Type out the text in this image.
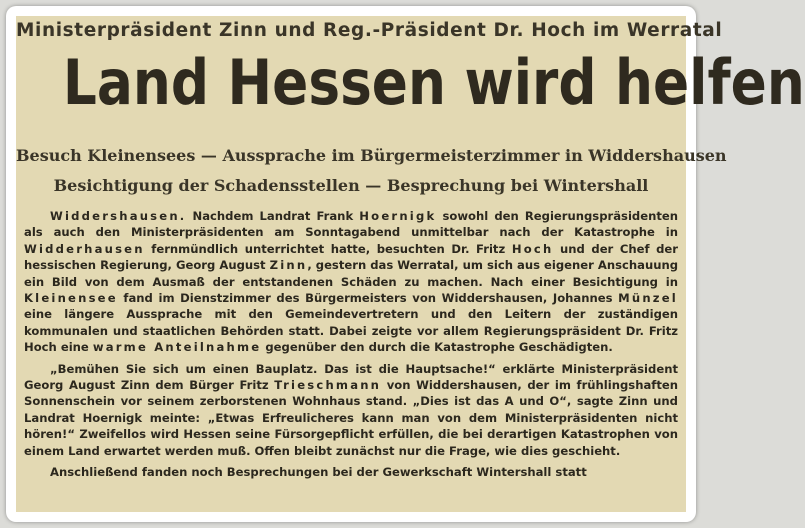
Ministerpräsident Zinn und Reg.-Präsident Dr. Hoch im Werratal
Land Hessen wird helfen
Besuch Kleinensees — Aussprache im Bürgermeisterzimmer in Widdershausen
Besichtigung der Schadensstellen — Besprechung bei Wintershall

Widdershausen. Nachdem Landrat Frank Hoernigk sowohl den Regierungspräsidenten als auch den Ministerpräsidenten am Sonntagabend unmittelbar nach der Katastrophe in Widderhausen fernmündlich unterrichtet hatte, besuchten Dr. Fritz Hoch und der Chef der hessischen Regierung, Georg August Zinn, gestern das Werratal, um sich aus eigener Anschauung ein Bild von dem Ausmaß der entstandenen Schäden zu machen. Nach einer Besichtigung in Kleinensee fand im Dienstzimmer des Bürgermeisters von Widdershausen, Johannes Münzel eine längere Aussprache mit den Gemeindevertretern und den Leitern der zuständigen kommunalen und staatlichen Behörden statt. Dabei zeigte vor allem Regierungspräsident Dr. Fritz Hoch eine warme Anteilnahme gegenüber den durch die Katastrophe Geschädigten.

„Bemühen Sie sich um einen Bauplatz. Das ist die Hauptsache!“ erklärte Ministerpräsident Georg August Zinn dem Bürger Fritz Trieschmann von Widdershausen, der im frühlingshaften Sonnenschein vor seinem zerborstenen Wohnhaus stand. „Dies ist das A und O“, sagte Zinn und Landrat Hoernigk meinte: „Etwas Erfreulicheres kann man von dem Ministerpräsidenten nicht hören!“ Zweifellos wird Hessen seine Fürsorgepflicht erfüllen, die bei derartigen Katastrophen von einem Land erwartet werden muß. Offen bleibt zunächst nur die Frage, wie dies geschieht.

Anschließend fanden noch Besprechungen bei der Gewerkschaft Wintershall statt
